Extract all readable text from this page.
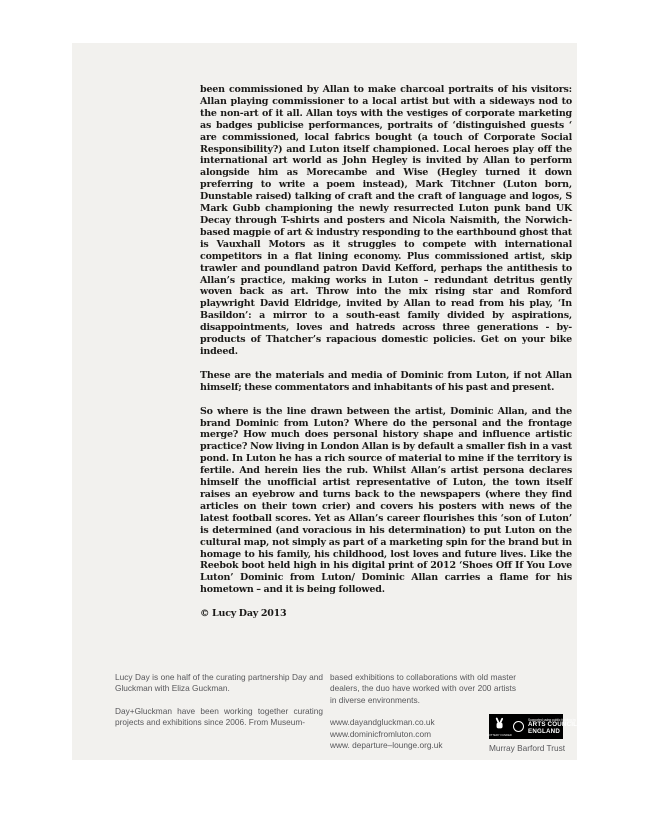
been commissioned by Allan to make charcoal portraits of his visitors: Allan playing commissioner to a local artist but with a sideways nod to the non-art of it all. Allan toys with the vestiges of corporate marketing as badges publicise performances, portraits of ‘distinguished guests ‘ are commissioned, local fabrics bought (a touch of Corporate Social Responsibility?) and Luton itself championed. Local heroes play off the international art world as John Hegley is invited by Allan to perform alongside him as Morecambe and Wise (Hegley turned it down preferring to write a poem instead), Mark Titchner (Luton born, Dunstable raised) talking of craft and the craft of language and logos, S Mark Gubb championing the newly resurrected Luton punk band UK Decay through T-shirts and posters and Nicola Naismith, the Norwich-based magpie of art & industry responding to the earthbound ghost that is Vauxhall Motors as it struggles to compete with international competitors in a flat lining economy. Plus commissioned artist, skip trawler and poundland patron David Kefford, perhaps the antithesis to Allan’s practice, making works in Luton – redundant detritus gently woven back as art. Throw into the mix rising star and Romford playwright David Eldridge, invited by Allan to read from his play, ‘In Basildon’: a mirror to a south-east family divided by aspirations, disappointments, loves and hatreds across three generations - by-products of Thatcher’s rapacious domestic policies. Get on your bike indeed.

These are the materials and media of Dominic from Luton, if not Allan himself; these commentators and inhabitants of his past and present.

So where is the line drawn between the artist, Dominic Allan, and the brand Dominic from Luton? Where do the personal and the frontage merge? How much does personal history shape and influence artistic practice? Now living in London Allan is by default a smaller fish in a vast pond. In Luton he has a rich source of material to mine if the territory is fertile. And herein lies the rub. Whilst Allan’s artist persona declares himself the unofficial artist representative of Luton, the town itself raises an eyebrow and turns back to the newspapers (where they find articles on their town crier) and covers his posters with news of the latest football scores. Yet as Allan’s career flourishes this ‘son of Luton’ is determined (and voracious in his determination) to put Luton on the cultural map, not simply as part of a marketing spin for the brand but in homage to his family, his childhood, lost loves and future lives. Like the Reebok boot held high in his digital print of 2012 ‘Shoes Off If You Love Luton’ Dominic from Luton/ Dominic Allan carries a flame for his hometown – and it is being followed.

© Lucy Day 2013

Lucy Day is one half of the curating partnership Day and Gluckman with Eliza Guckman.

Day+Gluckman have been working together curating projects and exhibitions since 2006. From Museum-

based exhibitions to collaborations with old master dealers, the duo have worked with over 200 artists in diverse environments.

www.dayandgluckman.co.uk
www.dominicfromluton.com
www. departure–lounge.org.uk
LOTTERY FUNDED
Supported using public funding by
ARTS COUNCIL
ENGLAND
Murray Barford Trust
